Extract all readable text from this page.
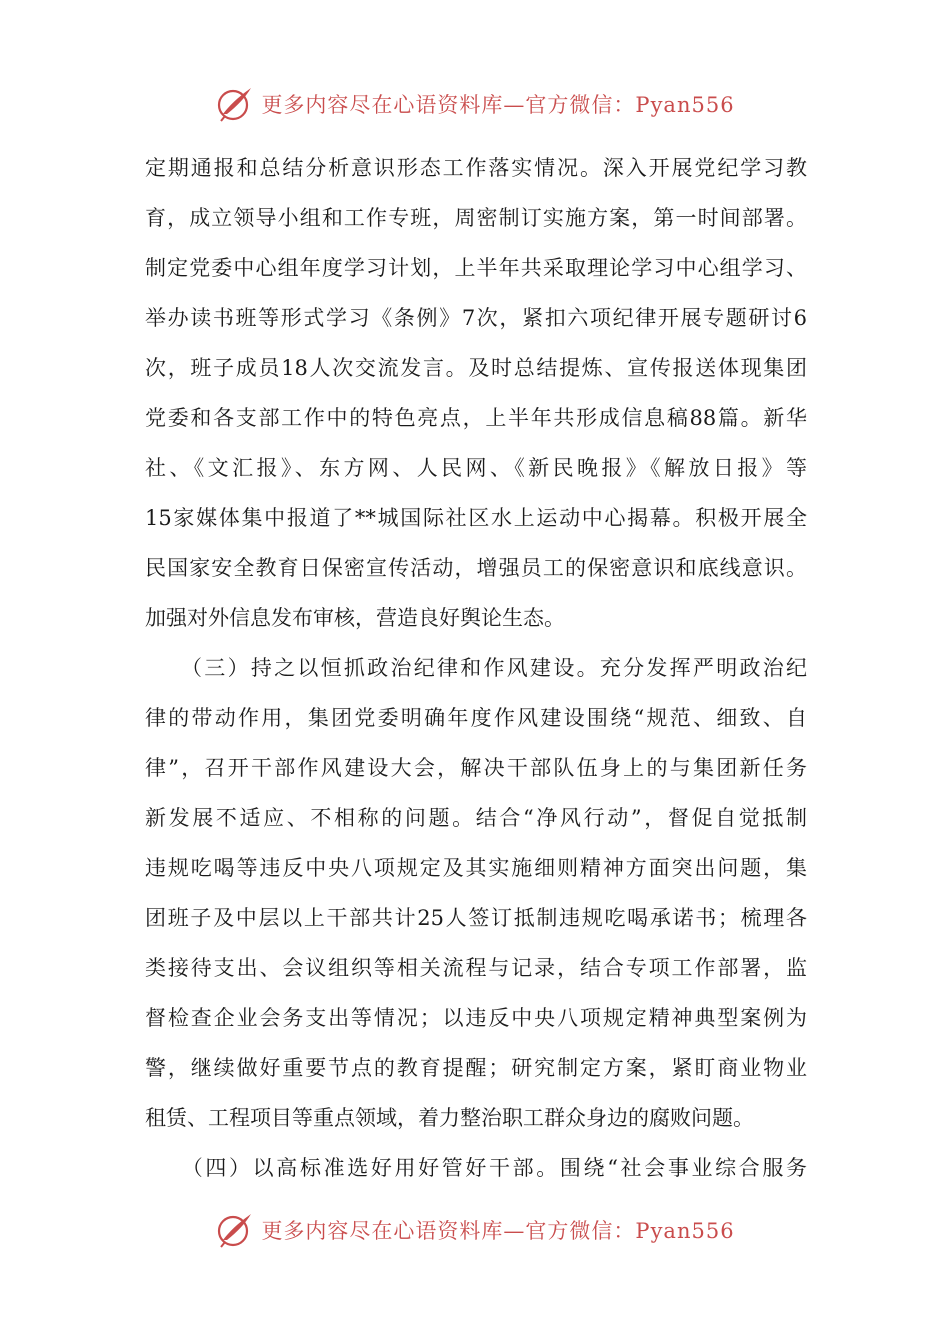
更多内容尽在心语资料库—官方微信：Pyan556
定期通报和总结分析意识形态工作落实情况。深入开展党纪学习教
育，成立领导小组和工作专班，周密制订实施方案，第一时间部署。
制定党委中心组年度学习计划，上半年共采取理论学习中心组学习、
举办读书班等形式学习《条例》7次，紧扣六项纪律开展专题研讨6
次，班子成员18人次交流发言。及时总结提炼、宣传报送体现集团
党委和各支部工作中的特色亮点，上半年共形成信息稿88篇。新华
社、《文汇报》、东方网、人民网、《新民晚报》《解放日报》等
15家媒体集中报道了**城国际社区水上运动中心揭幕。积极开展全
民国家安全教育日保密宣传活动，增强员工的保密意识和底线意识。
加强对外信息发布审核，营造良好舆论生态。
　　（三）持之以恒抓政治纪律和作风建设。充分发挥严明政治纪
律的带动作用，集团党委明确年度作风建设围绕“规范、细致、自
律”，召开干部作风建设大会，解决干部队伍身上的与集团新任务
新发展不适应、不相称的问题。结合“净风行动”，督促自觉抵制
违规吃喝等违反中央八项规定及其实施细则精神方面突出问题，集
团班子及中层以上干部共计25人签订抵制违规吃喝承诺书；梳理各
类接待支出、会议组织等相关流程与记录，结合专项工作部署，监
督检查企业会务支出等情况；以违反中央八项规定精神典型案例为
警，继续做好重要节点的教育提醒；研究制定方案，紧盯商业物业
租赁、工程项目等重点领域，着力整治职工群众身边的腐败问题。
　　（四）以高标准选好用好管好干部。围绕“社会事业综合服务
更多内容尽在心语资料库—官方微信：Pyan556
